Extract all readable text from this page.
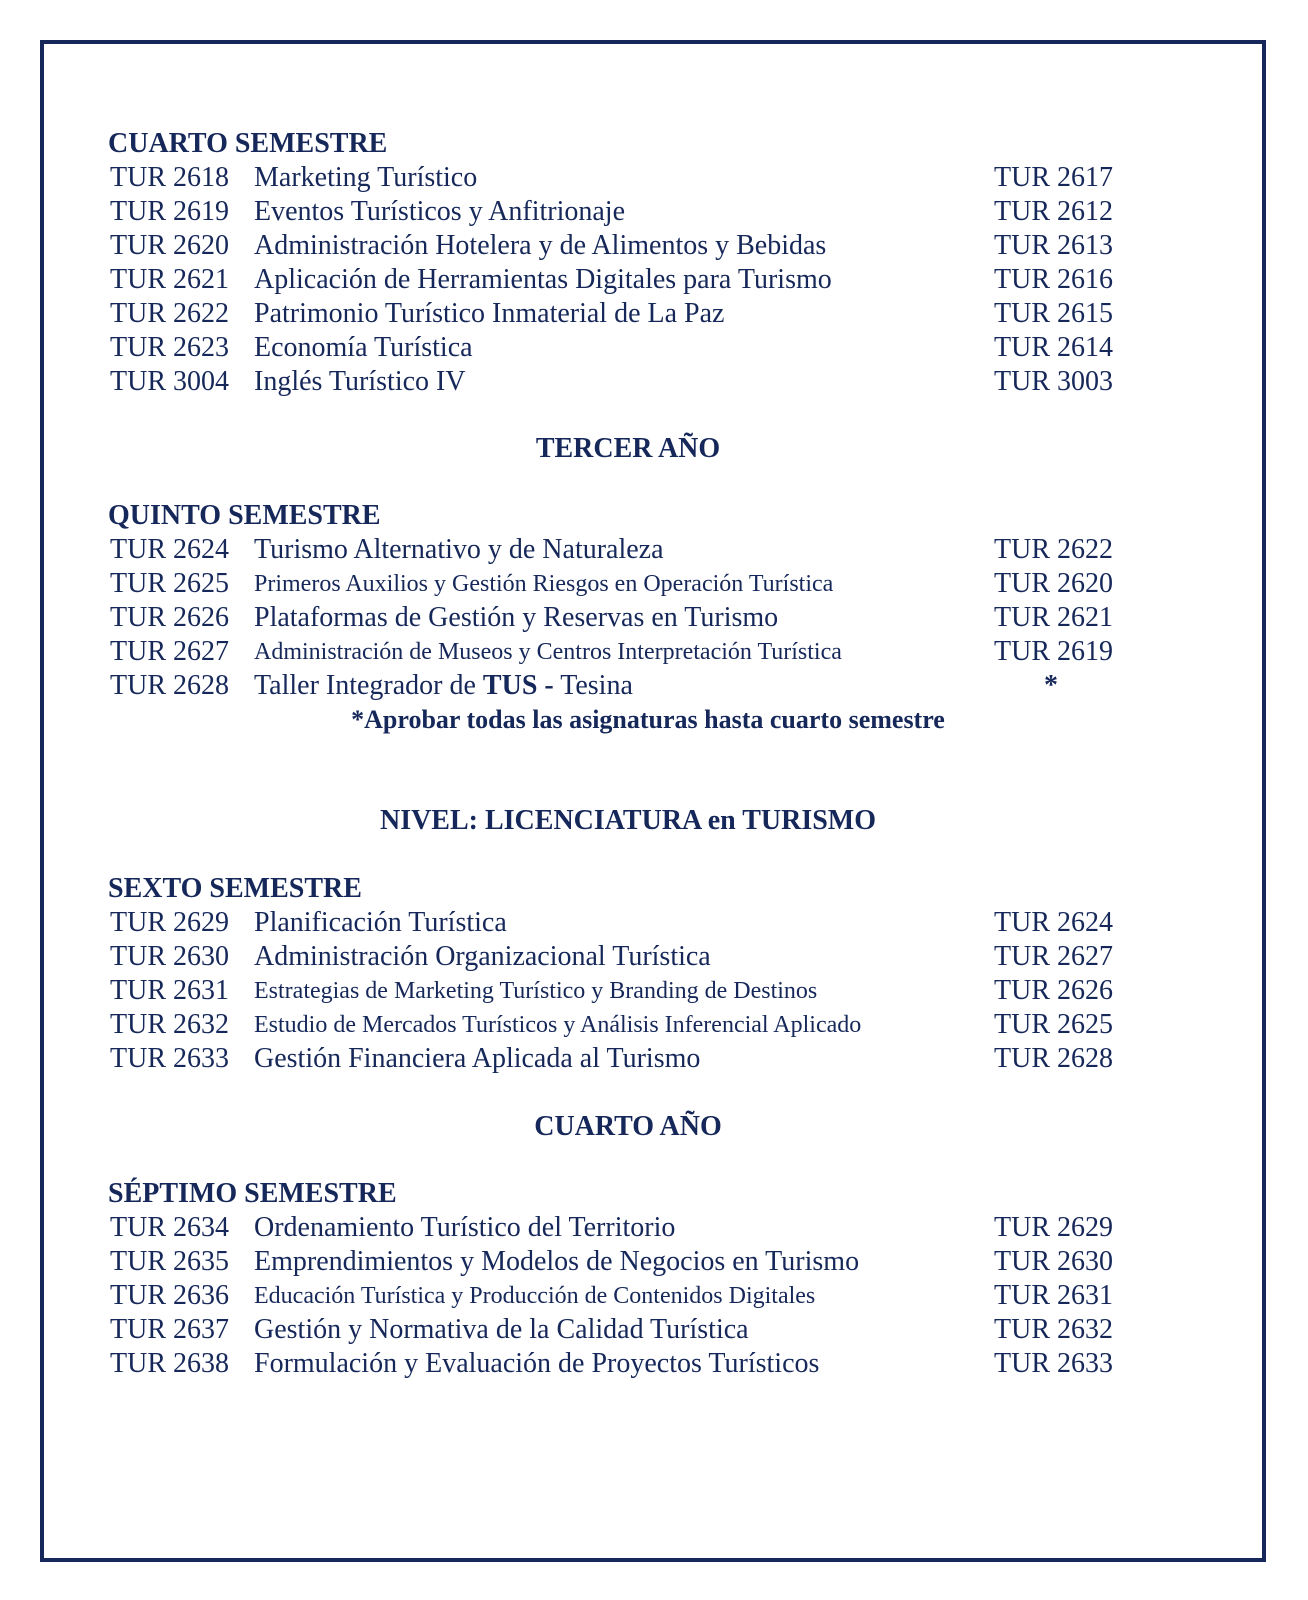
CUARTO SEMESTRE
TUR 2618 Marketing Turístico	TUR 2617
TUR 2619 Eventos Turísticos y Anfitrionaje	TUR 2612
TUR 2620 Administración Hotelera y de Alimentos y Bebidas	TUR 2613
TUR 2621 Aplicación de Herramientas Digitales para Turismo	TUR 2616
TUR 2622 Patrimonio Turístico Inmaterial de La Paz	TUR 2615
TUR 2623 Economía Turística	TUR 2614
TUR 3004 Inglés Turístico IV	TUR 3003
TERCER AÑO
QUINTO SEMESTRE
TUR 2624 Turismo Alternativo y de Naturaleza	TUR 2622
TUR 2625 Primeros Auxilios y Gestión Riesgos en Operación Turística	TUR 2620
TUR 2626 Plataformas de Gestión y Reservas en Turismo	TUR 2621
TUR 2627 Administración de Museos y Centros Interpretación Turística	TUR 2619
TUR 2628 Taller Integrador de TUS - Tesina	*
*Aprobar todas las asignaturas hasta cuarto semestre
NIVEL: LICENCIATURA en TURISMO
SEXTO SEMESTRE
TUR 2629 Planificación Turística	TUR 2624
TUR 2630 Administración Organizacional Turística	TUR 2627
TUR 2631 Estrategias de Marketing Turístico y Branding de Destinos	TUR 2626
TUR 2632 Estudio de Mercados Turísticos y Análisis Inferencial Aplicado	TUR 2625
TUR 2633 Gestión Financiera Aplicada al Turismo	TUR 2628
CUARTO AÑO
SÉPTIMO SEMESTRE
TUR 2634 Ordenamiento Turístico del Territorio	TUR 2629
TUR 2635 Emprendimientos y Modelos de Negocios en Turismo	TUR 2630
TUR 2636 Educación Turística y Producción de Contenidos Digitales	TUR 2631
TUR 2637 Gestión y Normativa de la Calidad Turística	TUR 2632
TUR 2638 Formulación y Evaluación de Proyectos Turísticos	TUR 2633
